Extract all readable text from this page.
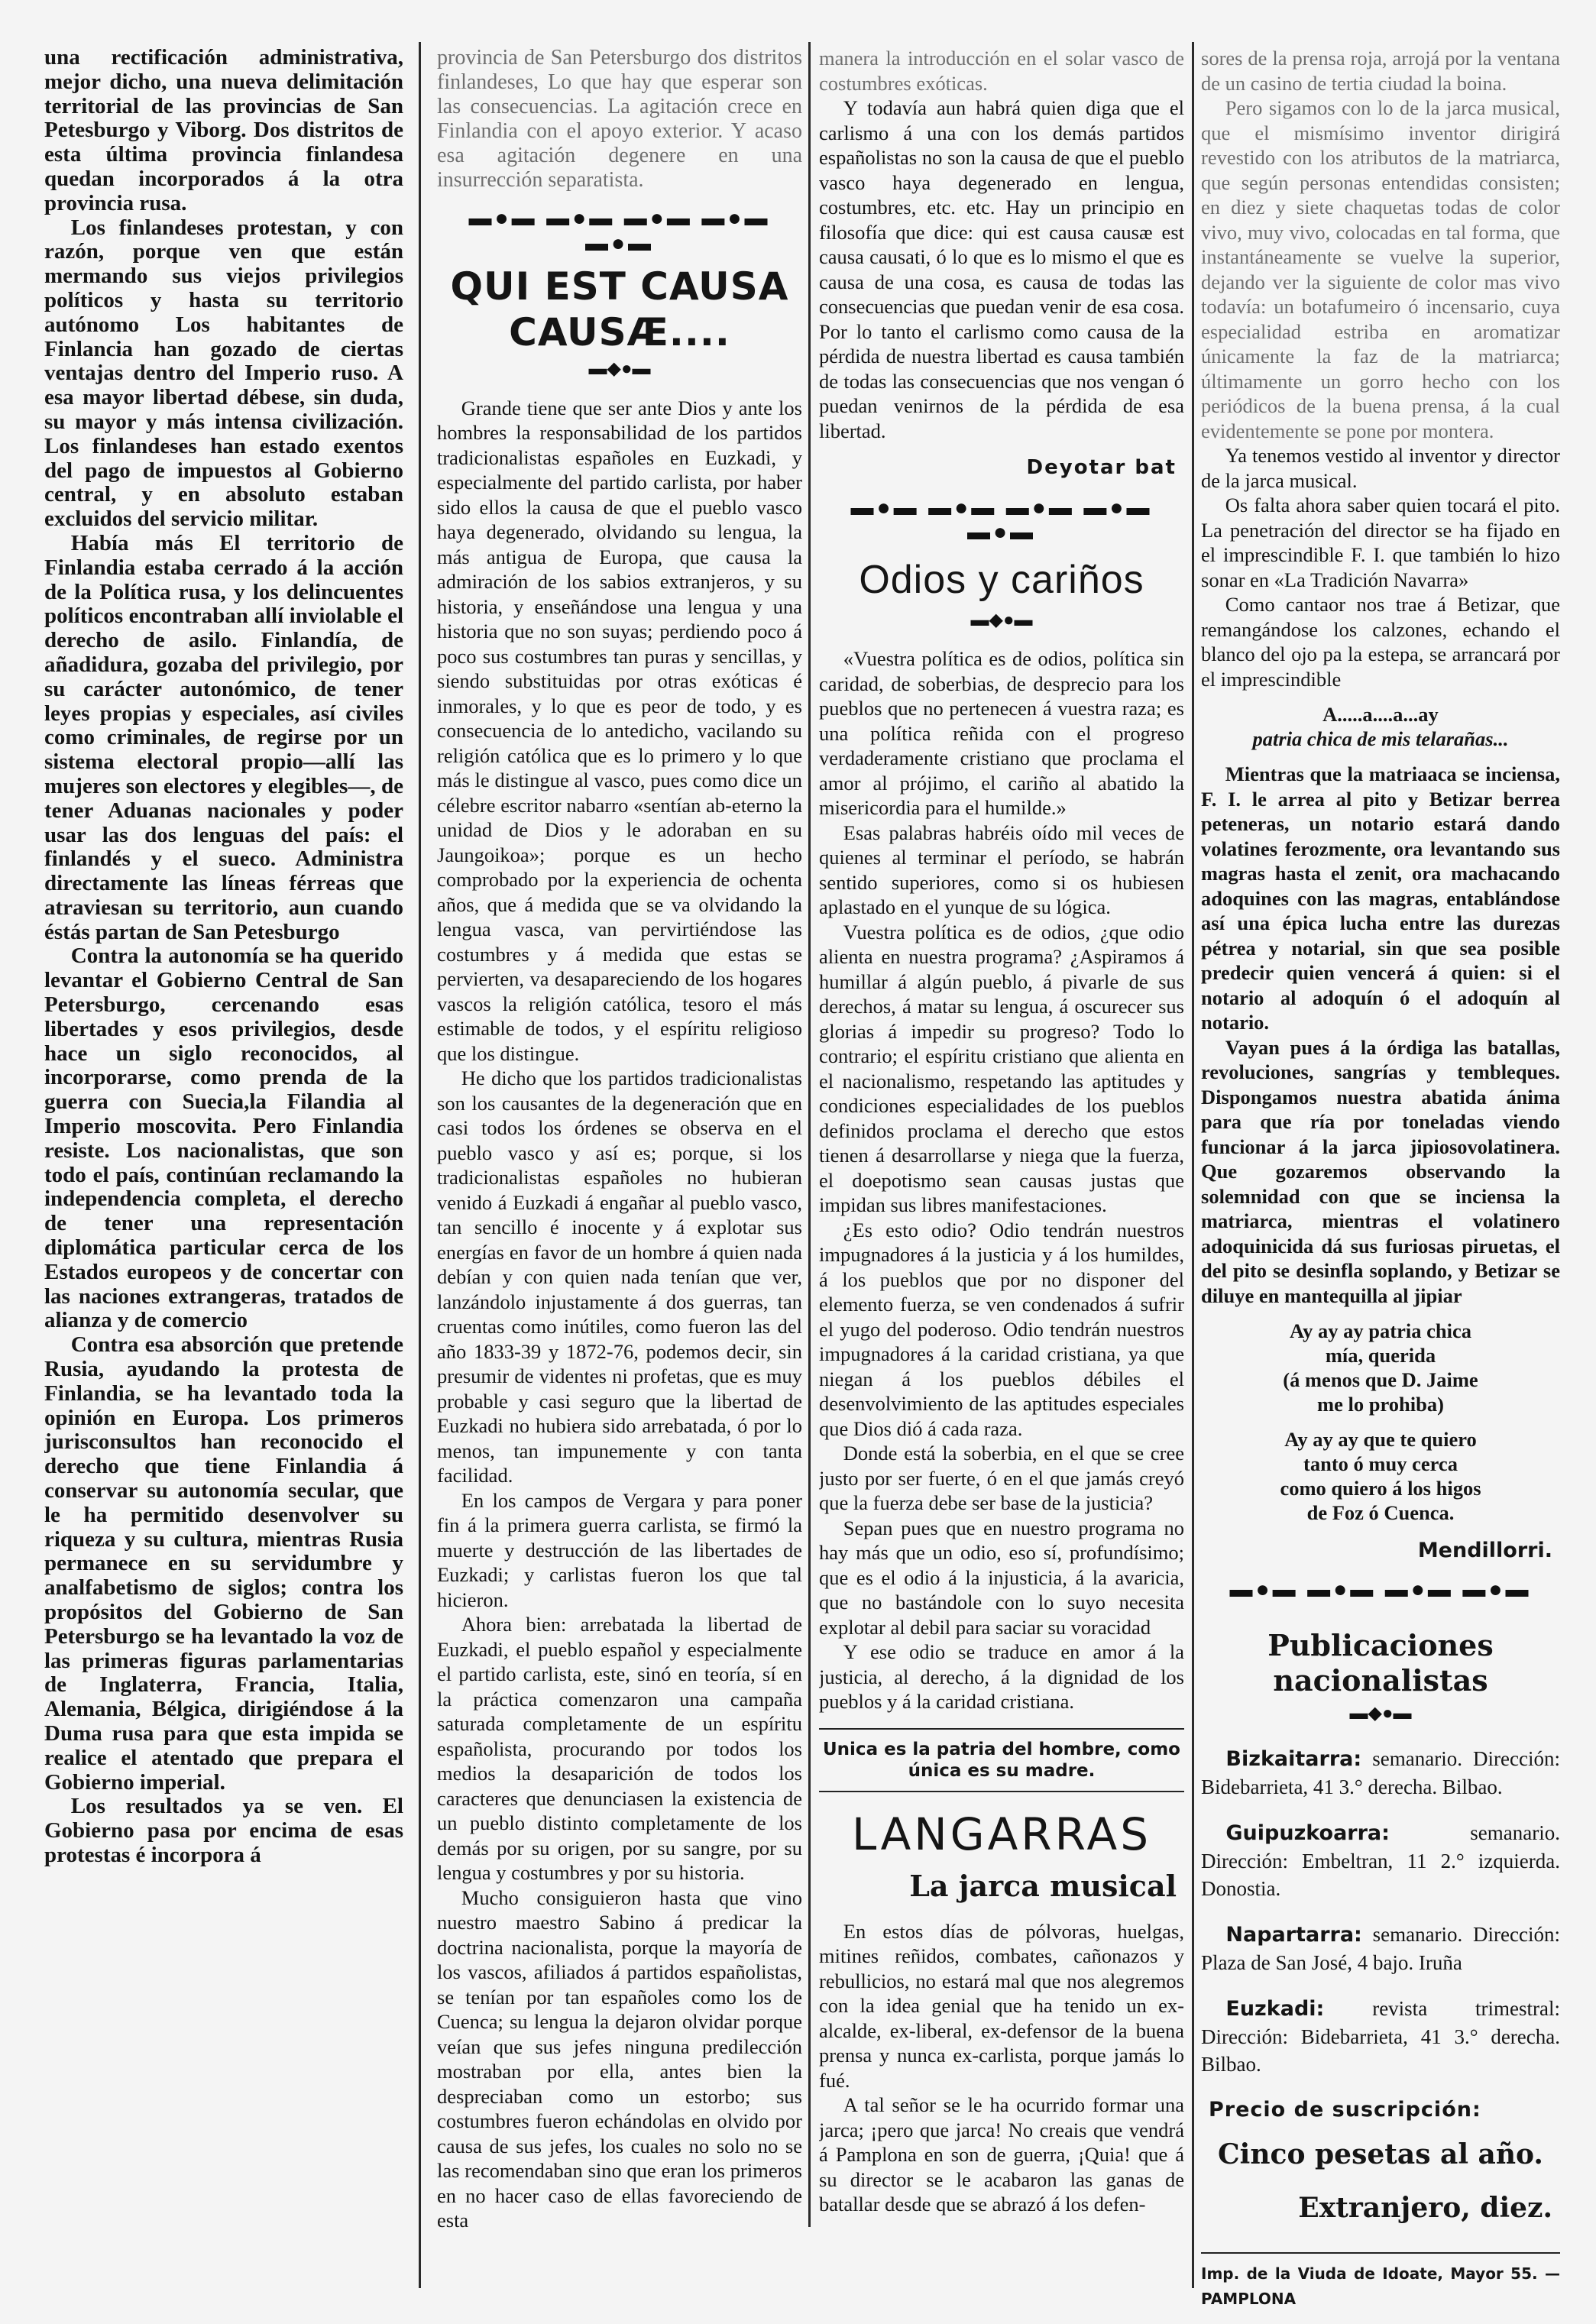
una rectificación administrativa, mejor dicho, una nueva delimitación territorial de las provincias de San Petesburgo y Viborg. Dos distritos de esta última provincia finlandesa quedan incorporados á la otra provincia rusa.

Los finlandeses protestan, y con razón, porque ven que están mermando sus viejos privilegios políticos y hasta su territorio autónomo Los habitantes de Finlancia han gozado de ciertas ventajas dentro del Imperio ruso. A esa mayor libertad débese, sin duda, su mayor y más intensa civilización. Los finlandeses han estado exentos del pago de impuestos al Gobierno central, y en absoluto estaban excluidos del servicio militar.

Había más El territorio de Finlandia estaba cerrado á la acción de la Política rusa, y los delincuentes políticos encontraban allí inviolable el derecho de asilo. Finlandía, de añadidura, gozaba del privilegio, por su carácter autonómico, de tener leyes propias y especiales, así civiles como criminales, de regirse por un sistema electoral propio—allí las mujeres son electores y elegibles—, de tener Aduanas nacionales y poder usar las dos lenguas del país: el finlandés y el sueco. Administra directamente las líneas férreas que atraviesan su territorio, aun cuando éstás partan de San Petesburgo

Contra la autonomía se ha querido levantar el Gobierno Central de San Petersburgo, cercenando esas libertades y esos privilegios, desde hace un siglo reconocidos, al incorporarse, como prenda de la guerra con Suecia,la Filandia al Imperio moscovita. Pero Finlandia resiste. Los nacionalistas, que son todo el país, continúan reclamando la independencia completa, el derecho de tener una representación diplomática particular cerca de los Estados europeos y de concertar con las naciones extrangeras, tratados de alianza y de comercio

Contra esa absorción que pretende Rusia, ayudando la protesta de Finlandia, se ha levantado toda la opinión en Europa. Los primeros jurisconsultos han reconocido el derecho que tiene Finlandia á conservar su autonomía secular, que le ha permitido desenvolver su riqueza y su cultura, mientras Rusia permanece en su servidumbre y analfabetismo de siglos; contra los propósitos del Gobierno de San Petersburgo se ha levantado la voz de las primeras figuras parlamentarias de Inglaterra, Francia, Italia, Alemania, Bélgica, dirigiéndose á la Duma rusa para que esta impida se realice el atentado que prepara el Gobierno imperial.

Los resultados ya se ven. El Gobierno pasa por encima de esas protestas é incorpora á

provincia de San Petersburgo dos distritos finlandeses, Lo que hay que esperar son las consecuencias. La agitación crece en Finlandia con el apoyo exterior. Y acaso esa agitación degenere en una insurrección separatista.

▬●▬ ▬●▬ ▬●▬ ▬●▬ ▬●▬
QUI EST CAUSA CAUSÆ....
▬◆●▬

Grande tiene que ser ante Dios y ante los hombres la responsabilidad de los partidos tradicionalistas españoles en Euzkadi, y especialmente del partido carlista, por haber sido ellos la causa de que el pueblo vasco haya degenerado, olvidando su lengua, la más antigua de Europa, que causa la admiración de los sabios extranjeros, y su historia, y enseñándose una lengua y una historia que no son suyas; perdiendo poco á poco sus costumbres tan puras y sencillas, y siendo substituidas por otras exóticas é inmorales, y lo que es peor de todo, y es consecuencia de lo antedicho, vacilando su religión católica que es lo primero y lo que más le distingue al vasco, pues como dice un célebre escritor nabarro «sentían ab-eterno la unidad de Dios y le adoraban en su Jaungoikoa»; porque es un hecho comprobado por la experiencia de ochenta años, que á medida que se va olvidando la lengua vasca, van pervirtiéndose las costumbres y á medida que estas se pervierten, va desapareciendo de los hogares vascos la religión católica, tesoro el más estimable de todos, y el espíritu religioso que los distingue.

He dicho que los partidos tradicionalistas son los causantes de la degeneración que en casi todos los órdenes se observa en el pueblo vasco y así es; porque, si los tradicionalistas españoles no hubieran venido á Euzkadi á engañar al pueblo vasco, tan sencillo é inocente y á explotar sus energías en favor de un hombre á quien nada debían y con quien nada tenían que ver, lanzándolo injustamente á dos guerras, tan cruentas como inútiles, como fueron las del año 1833-39 y 1872-76, podemos decir, sin presumir de videntes ni profetas, que es muy probable y casi seguro que la libertad de Euzkadi no hubiera sido arrebatada, ó por lo menos, tan impunemente y con tanta facilidad.

En los campos de Vergara y para poner fin á la primera guerra carlista, se firmó la muerte y destrucción de las libertades de Euzkadi; y carlistas fueron los que tal hicieron.

Ahora bien: arrebatada la libertad de Euzkadi, el pueblo español y especialmente el partido carlista, este, sinó en teoría, sí en la práctica comenzaron una campaña saturada completamente de un espíritu españolista, procurando por todos los medios la desaparición de todos los caracteres que denunciasen la existencia de un pueblo distinto completamente de los demás por su origen, por su sangre, por su lengua y costumbres y por su historia.

Mucho consiguieron hasta que vino nuestro maestro Sabino á predicar la doctrina nacionalista, porque la mayoría de los vascos, afiliados á partidos españolistas, se tenían por tan españoles como los de Cuenca; su lengua la dejaron olvidar porque veían que sus jefes ninguna predilección mostraban por ella, antes bien la despreciaban como un estorbo; sus costumbres fueron echándolas en olvido por causa de sus jefes, los cuales no solo no se las recomendaban sino que eran los primeros en no hacer caso de ellas favoreciendo de esta

manera la introducción en el solar vasco de costumbres exóticas.

Y todavía aun habrá quien diga que el carlismo á una con los demás partidos españolistas no son la causa de que el pueblo vasco haya degenerado en lengua, costumbres, etc. etc. Hay un principio en filosofía que dice: qui est causa causæ est causa causati, ó lo que es lo mismo el que es causa de una cosa, es causa de todas las consecuencias que puedan venir de esa cosa. Por lo tanto el carlismo como causa de la pérdida de nuestra libertad es causa también de todas las consecuencias que nos vengan ó puedan venirnos de la pérdida de esa libertad.

Deyotar bat
▬●▬ ▬●▬ ▬●▬ ▬●▬ ▬●▬
Odios y cariños
▬◆●▬

«Vuestra política es de odios, política sin caridad, de soberbias, de desprecio para los pueblos que no pertenecen á vuestra raza; es una política reñida con el progreso verdaderamente cristiano que proclama el amor al prójimo, el cariño al abatido la misericordia para el humilde.»

Esas palabras habréis oído mil veces de quienes al terminar el período, se habrán sentido superiores, como si os hubiesen aplastado en el yunque de su lógica.

Vuestra política es de odios, ¿que odio alienta en nuestra programa? ¿Aspiramos á humillar á algún pueblo, á pivarle de sus derechos, á matar su lengua, á oscurecer sus glorias á impedir su progreso? Todo lo contrario; el espíritu cristiano que alienta en el nacionalismo, respetando las aptitudes y condiciones especialidades de los pueblos definidos proclama el derecho que estos tienen á desarrollarse y niega que la fuerza, el doepotismo sean causas justas que impidan sus libres manifestaciones.

¿Es esto odio? Odio tendrán nuestros impugnadores á la justicia y á los humildes, á los pueblos que por no disponer del elemento fuerza, se ven condenados á sufrir el yugo del poderoso. Odio tendrán nuestros impugnadores á la caridad cristiana, ya que niegan á los pueblos débiles el desenvolvimiento de las aptitudes especiales que Dios dió á cada raza.

Donde está la soberbia, en el que se cree justo por ser fuerte, ó en el que jamás creyó que la fuerza debe ser base de la justicia?

Sepan pues que en nuestro programa no hay más que un odio, eso sí, profundísimo; que es el odio á la injusticia, á la avaricia, que no bastándole con lo suyo necesita explotar al debil para saciar su voracidad

Y ese odio se traduce en amor á la justicia, al derecho, á la dignidad de los pueblos y á la caridad cristiana.

Unica es la patria del hombre, como única es su madre.
LANGARRAS
La jarca musical

En estos días de pólvoras, huelgas, mitines reñidos, combates, cañonazos y rebullicios, no estará mal que nos alegremos con la idea genial que ha tenido un ex-alcalde, ex-liberal, ex-defensor de la buena prensa y nunca ex-carlista, porque jamás lo fué.

A tal señor se le ha ocurrido formar una jarca; ¡pero que jarca! No creais que vendrá á Pamplona en son de guerra, ¡Quia! que á su director se le acabaron las ganas de batallar desde que se abrazó á los defen-

sores de la prensa roja, arrojá por la ventana de un casino de tertia ciudad la boina.

Pero sigamos con lo de la jarca musical, que el mismísimo inventor dirigirá revestido con los atributos de la matriarca, que según personas entendidas consisten; en diez y siete chaquetas todas de color vivo, muy vivo, colocadas en tal forma, que instantáneamente se vuelve la superior, dejando ver la siguiente de color mas vivo todavía: un botafumeiro ó incensario, cuya especialidad estriba en aromatizar únicamente la faz de la matriarca; últimamente un gorro hecho con los periódicos de la buena prensa, á la cual evidentemente se pone por montera.

Ya tenemos vestido al inventor y director de la jarca musical.

Os falta ahora saber quien tocará el pito. La penetración del director se ha fijado en el imprescindible F. I. que también lo hizo sonar en «La Tradición Navarra»

Como cantaor nos trae á Betizar, que remangándose los calzones, echando el blanco del ojo pa la estepa, se arrancará por el imprescindible

A.....a....a...ay
patria chica de mis telarañas...

Mientras que la matriaaca se inciensa, F. I. le arrea al pito y Betizar berrea peteneras, un notario estará dando volatines ferozmente, ora levantando sus magras hasta el zenit, ora machacando adoquines con las magras, entablándose así una épica lucha entre las durezas pétrea y notarial, sin que sea posible predecir quien vencerá á quien: si el notario al adoquín ó el adoquín al notario.

Vayan pues á la órdiga las batallas, revoluciones, sangrías y tembleques. Dispongamos nuestra abatida ánima para que ría por toneladas viendo funcionar á la jarca jipiosovolatinera. Que gozaremos observando la solemnidad con que se inciensa la matriarca, mientras el volatinero adoquinicida dá sus furiosas piruetas, el del pito se desinfla soplando, y Betizar se diluye en mantequilla al jipiar

Ay ay ay patria chica
mía, querida
(á menos que D. Jaime
me lo prohiba)
Ay ay ay que te quiero
tanto ó muy cerca
como quiero á los higos
de Foz ó Cuenca.
Mendillorri.
▬●▬ ▬●▬ ▬●▬ ▬●▬
Publicaciones nacionalistas
▬◆●▬

Bizkaitarra: semanario. Dirección: Bidebarrieta, 41 3.° derecha. Bilbao.

Guipuzkoarra:	semanario. Dirección: Embeltran, 11 2.° izquierda. Donostia.

Napartarra: semanario. Dirección: Plaza de San José, 4 bajo. Iruña

Euzkadi: revista trimestral: Dirección: Bidebarrieta, 41 3.° derecha. Bilbao.

Precio de suscripción:
Cinco pesetas al año.
Extranjero, diez.
Imp. de la Viuda de Idoate, Mayor 55. —PAMPLONA
